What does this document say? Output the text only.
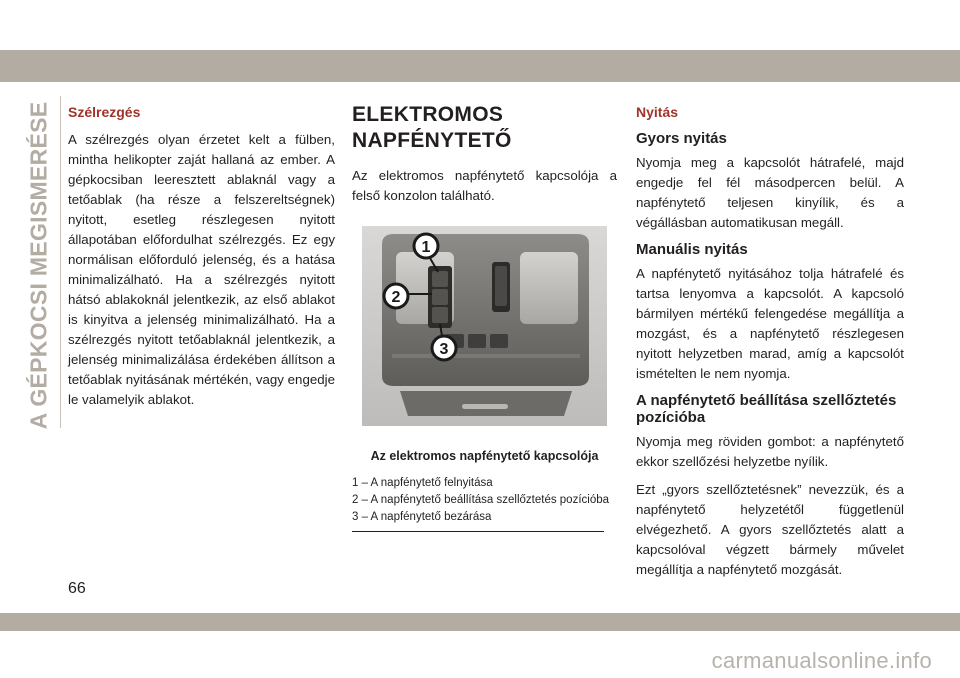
A GÉPKOCSI MEGISMERÉSE Szélrezgés

A szélrezgés olyan érzetet kelt a fülben, mintha helikopter zaját hallaná az ember. A gépkocsiban leeresztett ablaknál vagy a tetőablak (ha része a felszereltségnek) nyitott, esetleg részlegesen nyitott állapotában előfordulhat szélrezgés. Ez egy normálisan előforduló jelenség, és a hatása minimalizálható. Ha a szélrezgés nyitott hátsó ablakoknál jelentkezik, az első ablakot is kinyitva a jelenség minimalizálható. Ha a szélrezgés nyitott tetőablaknál jelentkezik, a jelenség minimalizálása érdekében állítson a tetőablak nyitásának mértékén, vagy engedje le valamelyik ablakot.

ELEKTROMOS
NAPFÉNYTETŐ

Az elektromos napfénytető kapcsolója a felső konzolon található.

1
2
3
Az elektromos napfénytető kapcsolója
1 – A napfénytető felnyitása
2 – A napfénytető beállítása szellőztetés pozícióba
3 – A napfénytető bezárása
Nyitás
Gyors nyitás

Nyomja meg a kapcsolót hátrafelé, majd engedje fel fél másodpercen belül. A napfénytető teljesen kinyílik, és a végállásban automatikusan megáll.

Manuális nyitás

A napfénytető nyitásához tolja hátrafelé és tartsa lenyomva a kapcsolót. A kapcsoló bármilyen mértékű felengedése megállítja a mozgást, és a napfénytető részlegesen nyitott helyzetben marad, amíg a kapcsolót ismételten le nem nyomja.

A napfénytető beállítása szellőztetés pozícióba

Nyomja meg röviden gombot: a napfénytető ekkor szellőzési helyzetbe nyílik.

Ezt „gyors szellőztetésnek” nevezzük, és a napfénytető helyzetétől függetlenül elvégezhető. A gyors szellőztetés alatt a kapcsolóval végzett bármely művelet megállítja a napfénytető mozgását.

66
carmanualsonline.info
